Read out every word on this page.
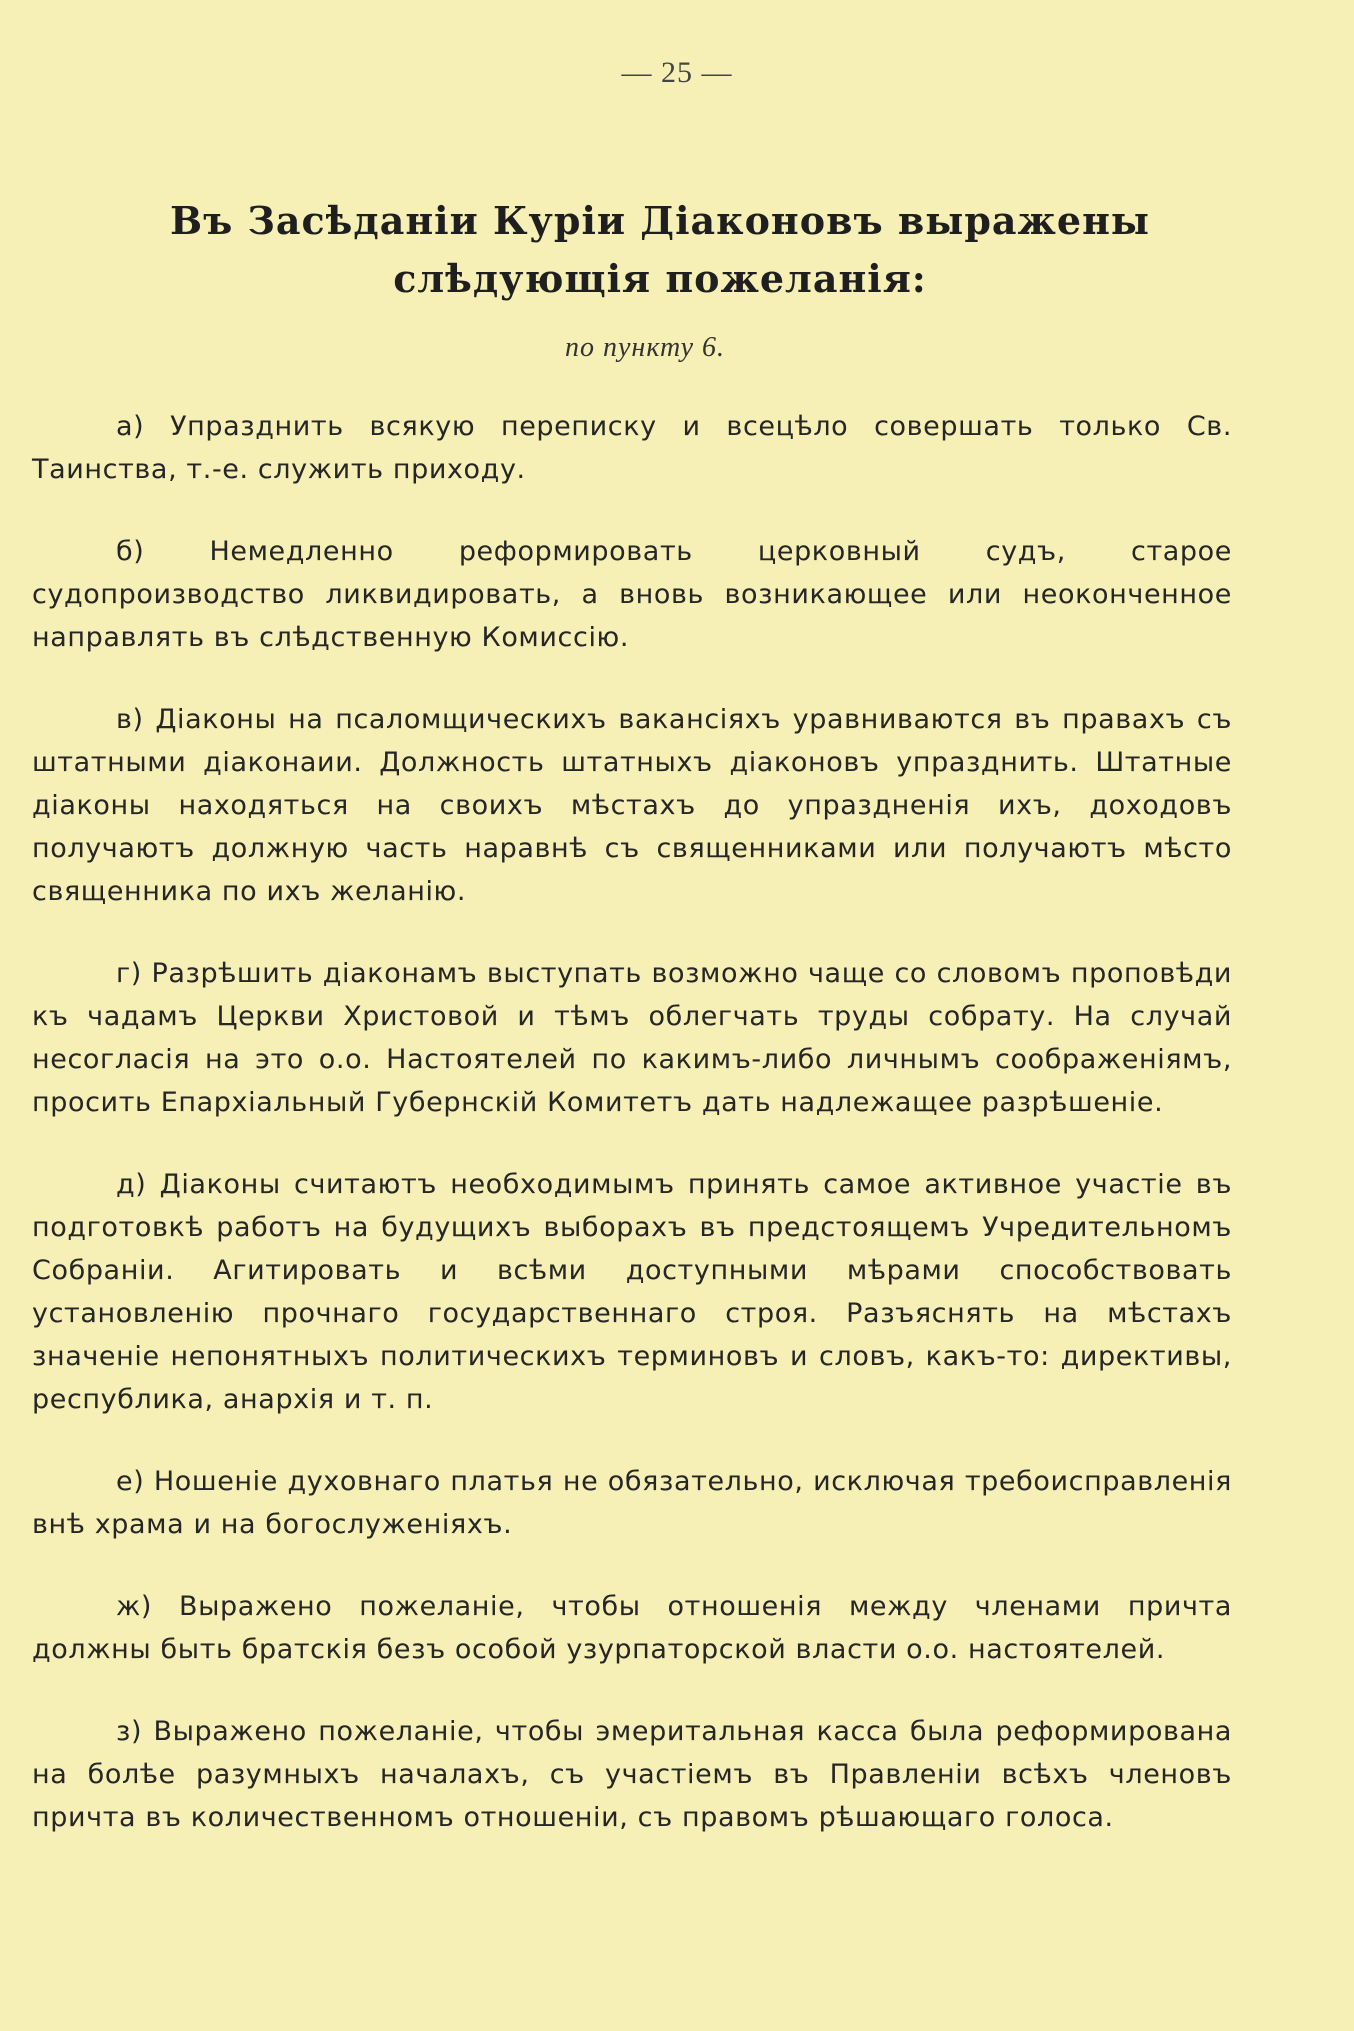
— 25 —
Въ Засѣданіи Куріи Діаконовъ выражены
слѣдующія пожеланія:
по пункту 6.

а) Упразднить всякую переписку и всецѣло совершать только Св. Таинства, т.-е. служить приходу.

б) Немедленно реформировать церковный судъ, старое судопроизводство ликвидировать, а вновь возникающее или неоконченное направлять въ слѣдственную Комиссію.

в) Діаконы на псаломщическихъ вакансіяхъ уравниваются въ правахъ съ штатными діаконаии. Должность штатныхъ діаконовъ упразднить. Штатные діаконы находяться на своихъ мѣстахъ до упраздненія ихъ, доходовъ получаютъ должную часть наравнѣ съ священниками или получаютъ мѣсто священника по ихъ желанію.

г) Разрѣшить діаконамъ выступать возможно чаще со словомъ проповѣди къ чадамъ Церкви Христовой и тѣмъ облегчать труды собрату. На случай несогласія на это о.о. Настоятелей по какимъ-либо личнымъ соображеніямъ, просить Епархіальный Губернскій Комитетъ дать надлежащее разрѣшеніе.

д) Діаконы считаютъ необходимымъ принять самое активное участіе въ подготовкѣ работъ на будущихъ выборахъ въ предстоящемъ Учредительномъ Собраніи. Агитировать и всѣми доступными мѣрами способствовать установленію прочнаго государственнаго строя. Разъяснять на мѣстахъ значеніе непонятныхъ политическихъ терминовъ и словъ, какъ-то: директивы, республика, анархія и т. п.

е) Ношеніе духовнаго платья не обязательно, исключая требоисправленія внѣ храма и на богослуженіяхъ.

ж) Выражено пожеланіе, чтобы отношенія между членами причта должны быть братскія безъ особой узурпаторской власти о.о. настоятелей.

з) Выражено пожеланіе, чтобы эмеритальная касса была реформирована на болѣе разумныхъ началахъ, съ участіемъ въ Правленіи всѣхъ членовъ причта въ количественномъ отношеніи, съ правомъ рѣшающаго голоса.
